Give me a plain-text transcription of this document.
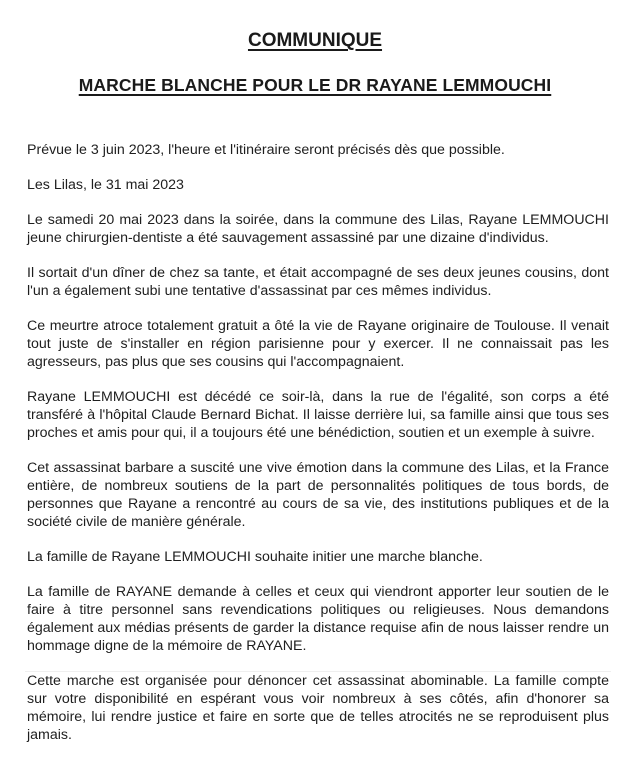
COMMUNIQUE
MARCHE BLANCHE POUR LE DR RAYANE LEMMOUCHI

Prévue le 3 juin 2023, l'heure et l'itinéraire seront précisés dès que possible.

Les Lilas, le 31 mai 2023

Le samedi 20 mai 2023 dans la soirée, dans la commune des Lilas, Rayane LEMMOUCHI jeune chirurgien-dentiste a été sauvagement assassiné par une dizaine d'individus.

Il sortait d'un dîner de chez sa tante, et était accompagné de ses deux jeunes cousins, dont l'un a également subi une tentative d'assassinat par ces mêmes individus.

Ce meurtre atroce totalement gratuit a ôté la vie de Rayane originaire de Toulouse. Il venait tout juste de s'installer en région parisienne pour y exercer. Il ne connaissait pas les agresseurs, pas plus que ses cousins qui l'accompagnaient.

Rayane LEMMOUCHI est décédé ce soir-là, dans la rue de l'égalité, son corps a été transféré à l'hôpital Claude Bernard Bichat. Il laisse derrière lui, sa famille ainsi que tous ses proches et amis pour qui, il a toujours été une bénédiction, soutien et un exemple à suivre.

Cet assassinat barbare a suscité une vive émotion dans la commune des Lilas, et la France entière, de nombreux soutiens de la part de personnalités politiques de tous bords, de personnes que Rayane a rencontré au cours de sa vie, des institutions publiques et de la société civile de manière générale.

La famille de Rayane LEMMOUCHI souhaite initier une marche blanche.

La famille de RAYANE demande à celles et ceux qui viendront apporter leur soutien de le faire à titre personnel sans revendications politiques ou religieuses. Nous demandons également aux médias présents de garder la distance requise afin de nous laisser rendre un hommage digne de la mémoire de RAYANE.

Cette marche est organisée pour dénoncer cet assassinat abominable. La famille compte sur votre disponibilité en espérant vous voir nombreux à ses côtés, afin d'honorer sa mémoire, lui rendre justice et faire en sorte que de telles atrocités ne se reproduisent plus jamais.
